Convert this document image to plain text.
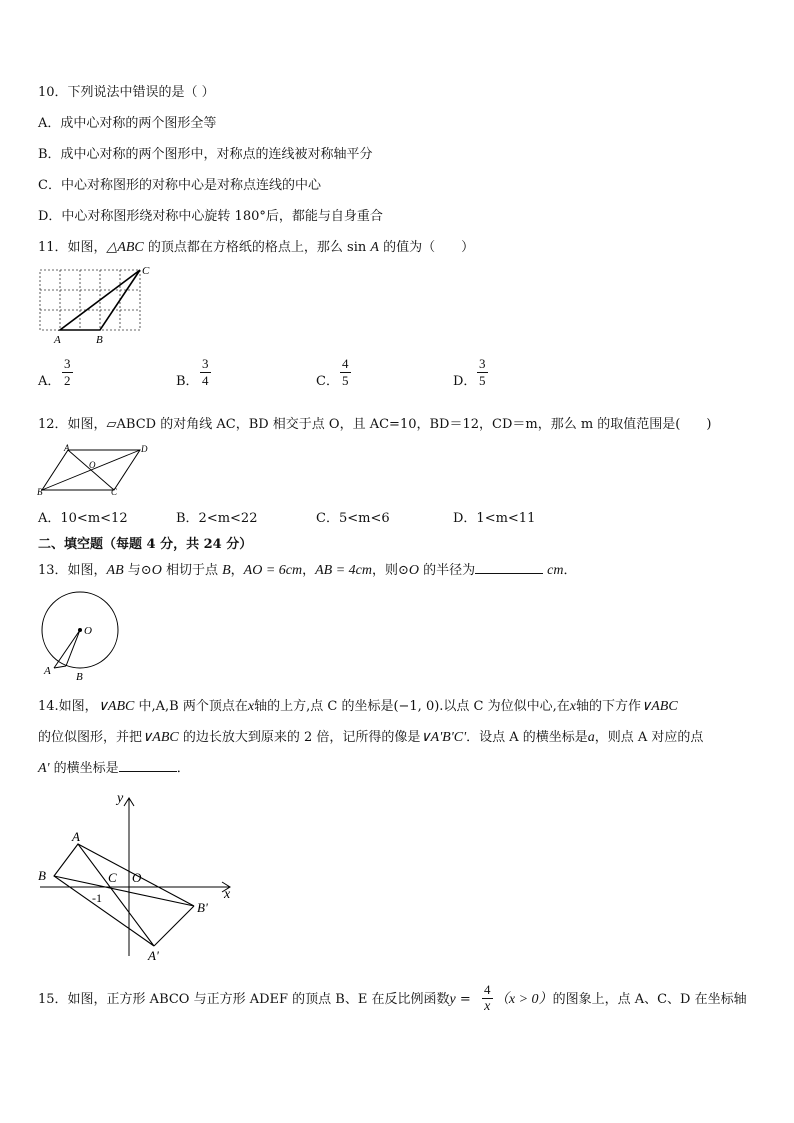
10．下列说法中错误的是（ ）
A．成中心对称的两个图形全等
B．成中心对称的两个图形中，对称点的连线被对称轴平分
C．中心对称图形的对称中心是对称点连线的中心
D．中心对称图形绕对称中心旋转 180°后，都能与自身重合
11．如图，△ABC 的顶点都在方格纸的格点上，那么 sin A 的值为（　　）
A	B
C
A． $\frac{3}{2}$	B． $\frac{3}{4}$	C． $\frac{4}{5}$	D． $\frac{3}{5}$
12．如图，▱ABCD 的对角线 AC，BD 相交于点 O，且 AC=10，BD＝12，CD＝m，那么 m 的取值范围是(　　)
A	D
B	C
O
A．10<m<12	B．2<m<22	C．5<m<6	D．1<m<11
二、填空题（每题 4 分，共 24 分）
13．如图，AB 与⊙O 相切于点 B，AO = 6cm，AB = 4cm，则⊙O 的半径为	cm．
O
A B
14.如图，∨ABC 中,A,B 两个顶点在x轴的上方,点 C 的坐标是(−1, 0).以点 C 为位似中心,在x轴的下方作∨ABC
的位似图形，并把∨ABC 的边长放大到原来的 2 倍，记所得的像是∨A'B'C'．设点 A 的横坐标是a，则点 A 对应的点
A' 的横坐标是	．
y
x
A
B	C O
-1
B'
A'
15．如图，正方形 ABCO 与正方形 ADEF 的顶点 B、E 在反比例函数y = （x > 0）的图象上，点 A、C、D 在坐标轴
$\frac{4}{x}$
